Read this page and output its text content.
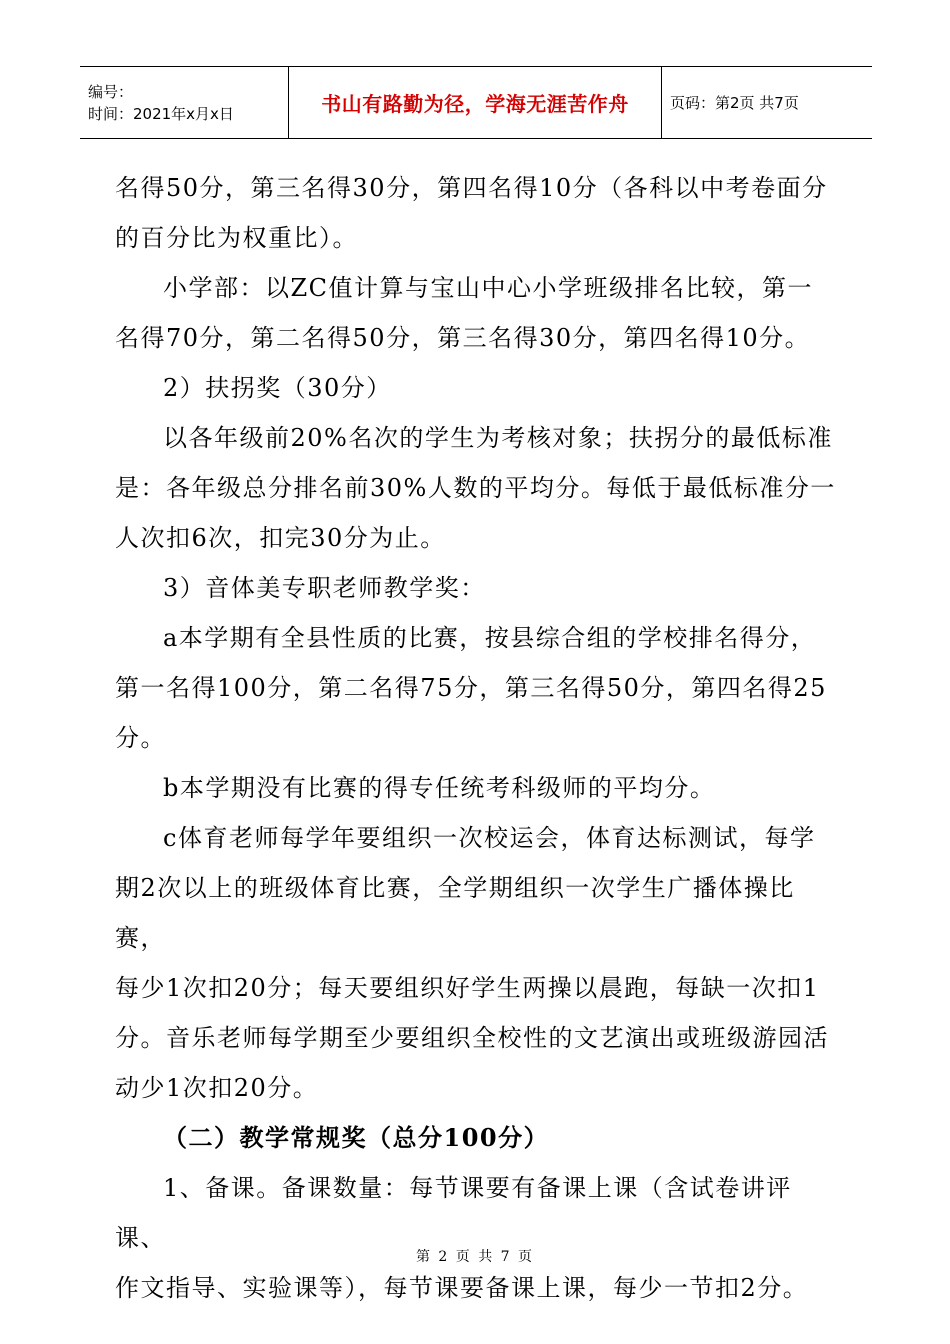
编号：
时间：2021年x月x日	书山有路勤为径，学海无涯苦作舟	页码：第2页 共7页

名得50分，第三名得30分，第四名得10分（各科以中考卷面分

的百分比为权重比）。

小学部：以ZC值计算与宝山中心小学班级排名比较，第一

名得70分，第二名得50分，第三名得30分，第四名得10分。

2）扶拐奖（30分）

以各年级前20%名次的学生为考核对象；扶拐分的最低标准

是：各年级总分排名前30%人数的平均分。每低于最低标准分一

人次扣6次，扣完30分为止。

3）音体美专职老师教学奖：

a本学期有全县性质的比赛，按县综合组的学校排名得分，

第一名得100分，第二名得75分，第三名得50分，第四名得25

分。

b本学期没有比赛的得专任统考科级师的平均分。

c体育老师每学年要组织一次校运会，体育达标测试，每学

期2次以上的班级体育比赛，全学期组织一次学生广播体操比赛，

每少1次扣20分；每天要组织好学生两操以晨跑，每缺一次扣1

分。音乐老师每学期至少要组织全校性的文艺演出或班级游园活

动少1次扣20分。

（二）教学常规奖（总分100分）

1、备课。备课数量：每节课要有备课上课（含试卷讲评课、

作文指导、实验课等），每节课要备课上课，每少一节扣2分。

第 2 页 共 7 页
